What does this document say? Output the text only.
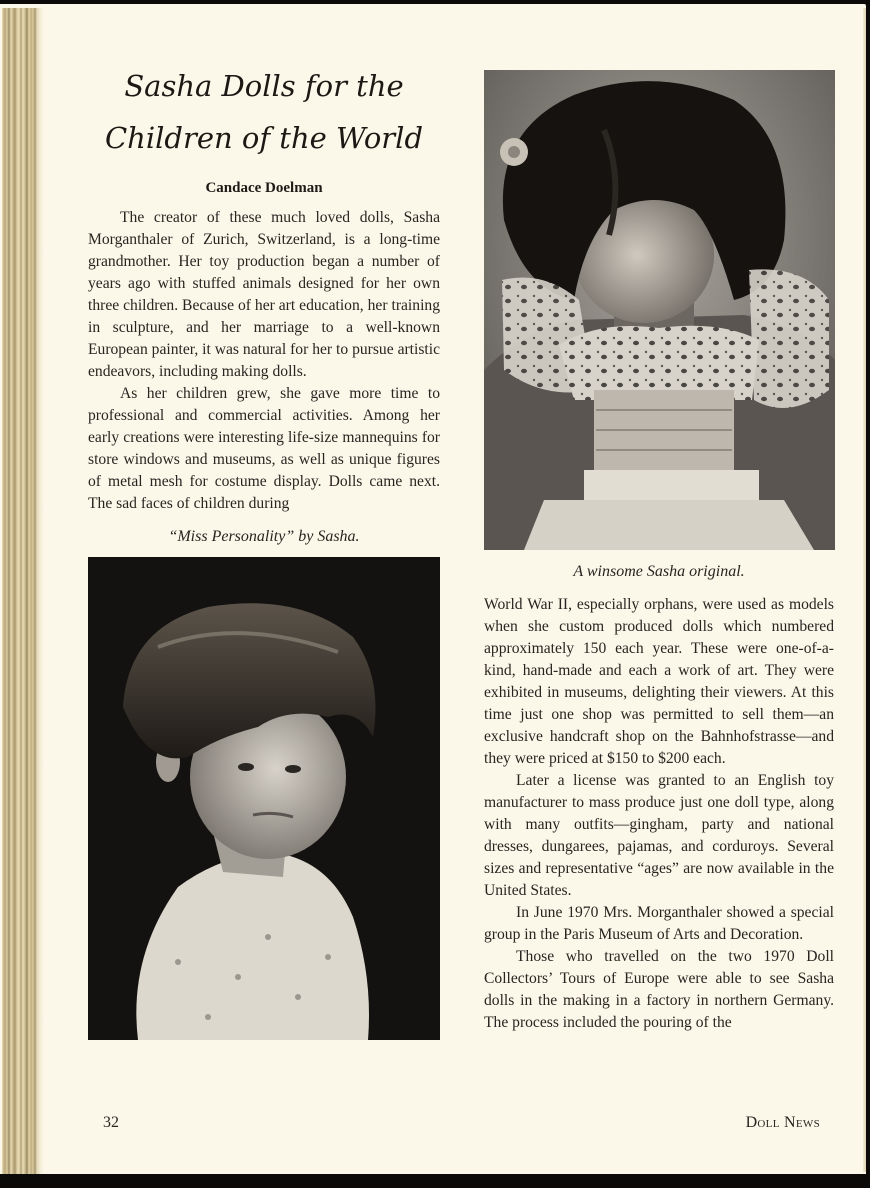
Sasha Dolls for the
Children of the World
Candace Doelman

The creator of these much loved dolls, Sasha Morganthaler of Zurich, Switzerland, is a long-time grandmother. Her toy production began a number of years ago with stuffed animals designed for her own three children. Because of her art education, her training in sculpture, and her marriage to a well-known European painter, it was natural for her to pursue artistic endeavors, including making dolls.

As her children grew, she gave more time to professional and commercial activities. Among her early creations were interesting life-size mannequins for store windows and museums, as well as unique figures of metal mesh for costume display. Dolls came next. The sad faces of children during

“Miss Personality” by Sasha.
A winsome Sasha original.

World War II, especially orphans, were used as models when she custom produced dolls which numbered approximately 150 each year. These were one-of-a-kind, hand-made and each a work of art. They were exhibited in museums, delighting their viewers. At this time just one shop was permitted to sell them—an exclusive handcraft shop on the Bahnhofstrasse—and they were priced at $150 to $200 each.

Later a license was granted to an English toy manufacturer to mass produce just one doll type, along with many outfits—gingham, party and national dresses, dungarees, pajamas, and corduroys. Several sizes and representative “ages” are now available in the United States.

In June 1970 Mrs. Morganthaler showed a special group in the Paris Museum of Arts and Decoration.

Those who travelled on the two 1970 Doll Collectors’ Tours of Europe were able to see Sasha dolls in the making in a factory in northern Germany. The process included the pouring of the

32	Doll News
